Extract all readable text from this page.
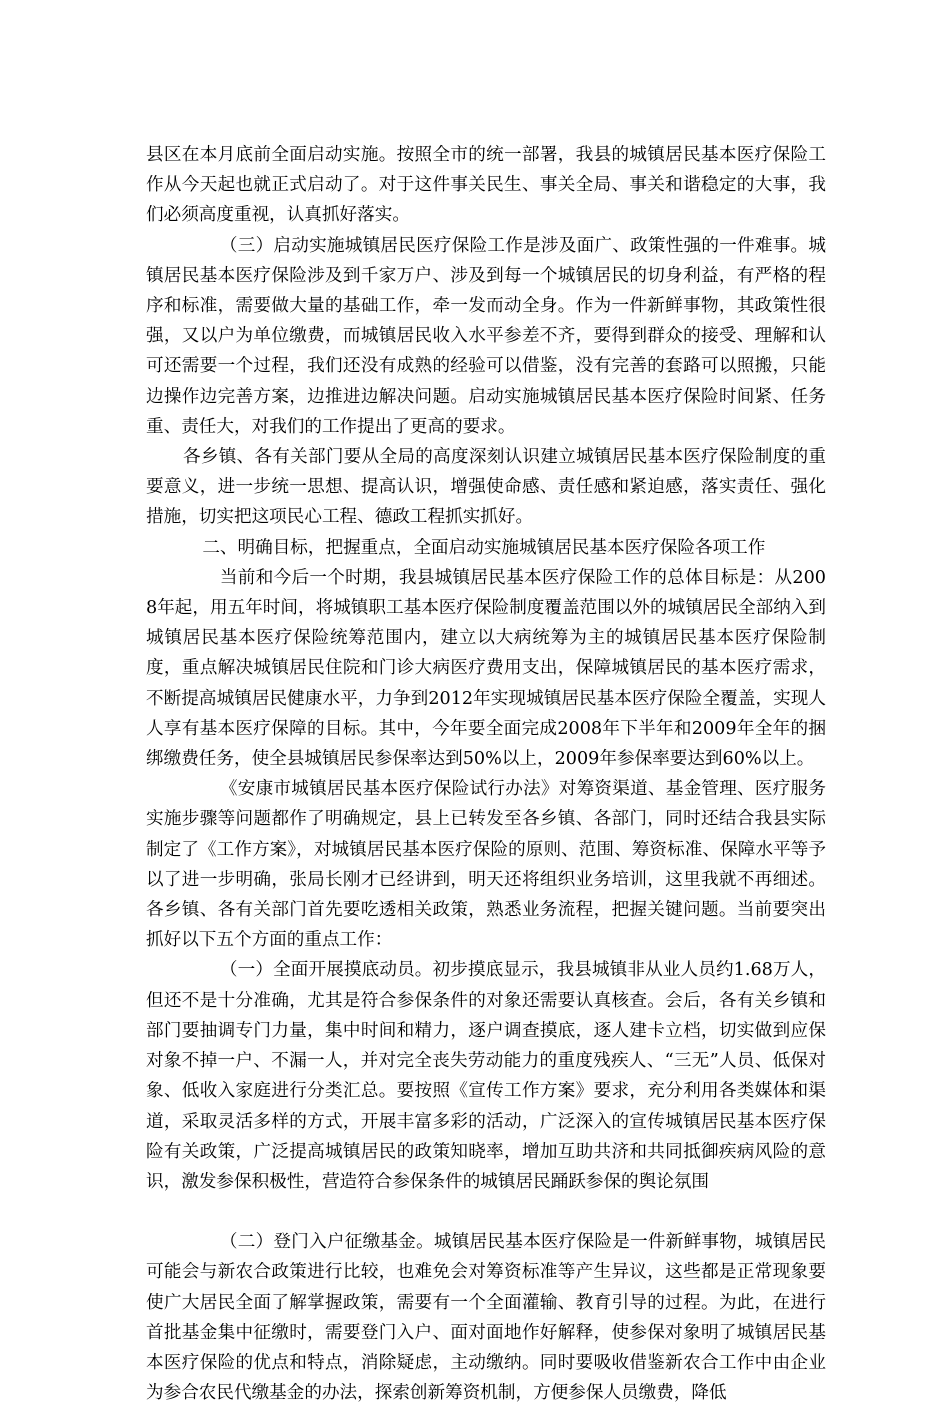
县区在本月底前全面启动实施。按照全市的统一部署，我县的城镇居民基本医疗保险工作从今天起也就正式启动了。对于这件事关民生、事关全局、事关和谐稳定的大事，我们必须高度重视，认真抓好落实。

（三）启动实施城镇居民医疗保险工作是涉及面广、政策性强的一件难事。城镇居民基本医疗保险涉及到千家万户、涉及到每一个城镇居民的切身利益，有严格的程序和标准，需要做大量的基础工作，牵一发而动全身。作为一件新鲜事物，其政策性很强，又以户为单位缴费，而城镇居民收入水平参差不齐，要得到群众的接受、理解和认可还需要一个过程，我们还没有成熟的经验可以借鉴，没有完善的套路可以照搬，只能边操作边完善方案，边推进边解决问题。启动实施城镇居民基本医疗保险时间紧、任务重、责任大，对我们的工作提出了更高的要求。

各乡镇、各有关部门要从全局的高度深刻认识建立城镇居民基本医疗保险制度的重要意义，进一步统一思想、提高认识，增强使命感、责任感和紧迫感，落实责任、强化措施，切实把这项民心工程、德政工程抓实抓好。

二、明确目标，把握重点，全面启动实施城镇居民基本医疗保险各项工作

当前和今后一个时期，我县城镇居民基本医疗保险工作的总体目标是：从2008年起，用五年时间，将城镇职工基本医疗保险制度覆盖范围以外的城镇居民全部纳入到城镇居民基本医疗保险统筹范围内，建立以大病统筹为主的城镇居民基本医疗保险制度，重点解决城镇居民住院和门诊大病医疗费用支出，保障城镇居民的基本医疗需求，不断提高城镇居民健康水平，力争到2012年实现城镇居民基本医疗保险全覆盖，实现人人享有基本医疗保障的目标。其中，今年要全面完成2008年下半年和2009年全年的捆绑缴费任务，使全县城镇居民参保率达到50%以上，2009年参保率要达到60%以上。

《安康市城镇居民基本医疗保险试行办法》对筹资渠道、基金管理、医疗服务实施步骤等问题都作了明确规定，县上已转发至各乡镇、各部门，同时还结合我县实际制定了《工作方案》，对城镇居民基本医疗保险的原则、范围、筹资标准、保障水平等予以了进一步明确，张局长刚才已经讲到，明天还将组织业务培训，这里我就不再细述。各乡镇、各有关部门首先要吃透相关政策，熟悉业务流程，把握关键问题。当前要突出抓好以下五个方面的重点工作：

（一）全面开展摸底动员。初步摸底显示，我县城镇非从业人员约1.68万人，但还不是十分准确，尤其是符合参保条件的对象还需要认真核查。会后，各有关乡镇和部门要抽调专门力量，集中时间和精力，逐户调查摸底，逐人建卡立档，切实做到应保对象不掉一户、不漏一人，并对完全丧失劳动能力的重度残疾人、“三无”人员、低保对象、低收入家庭进行分类汇总。要按照《宣传工作方案》要求，充分利用各类媒体和渠道，采取灵活多样的方式，开展丰富多彩的活动，广泛深入的宣传城镇居民基本医疗保险有关政策，广泛提高城镇居民的政策知晓率，增加互助共济和共同抵御疾病风险的意识，激发参保积极性，营造符合参保条件的城镇居民踊跃参保的舆论氛围

（二）登门入户征缴基金。城镇居民基本医疗保险是一件新鲜事物，城镇居民可能会与新农合政策进行比较，也难免会对筹资标准等产生异议，这些都是正常现象要使广大居民全面了解掌握政策，需要有一个全面灌输、教育引导的过程。为此，在进行首批基金集中征缴时，需要登门入户、面对面地作好解释，使参保对象明了城镇居民基本医疗保险的优点和特点，消除疑虑，主动缴纳。同时要吸收借鉴新农合工作中由企业为参合农民代缴基金的办法，探索创新筹资机制，方便参保人员缴费，降低
